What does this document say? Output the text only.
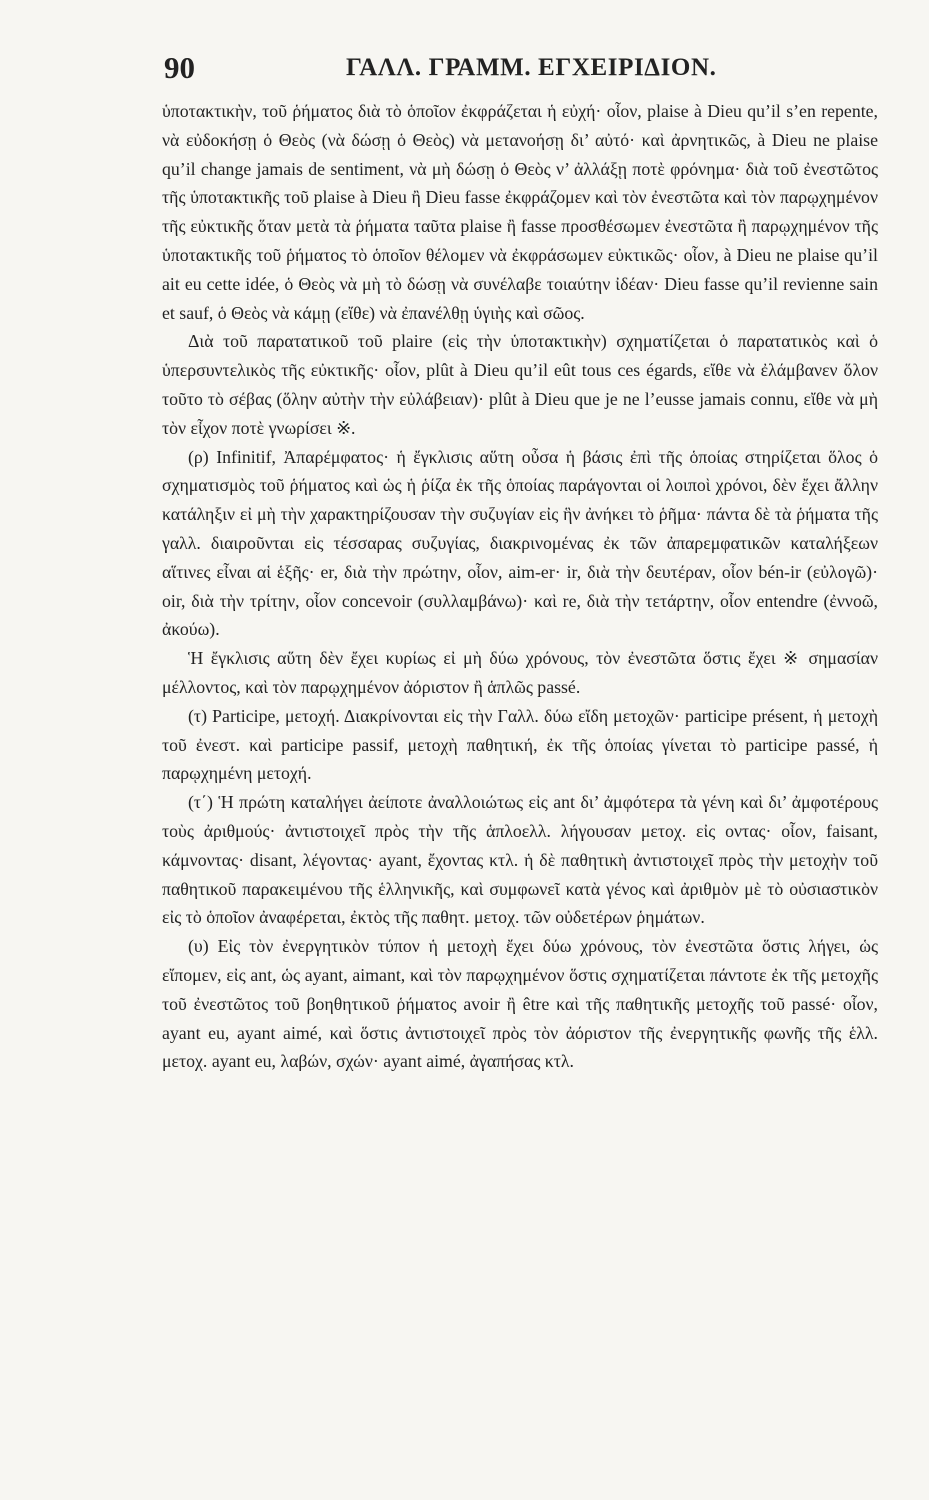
90	ΓΑΛΛ. ΓΡΑΜΜ. ΕΓΧΕΙΡΙΔΙΟΝ.

ὑποτακτικὴν, τοῦ ῥήματος διὰ τὸ ὁποῖον ἐκφράζεται ἡ εὐχή· οἷον, plaise à Dieu qu’il s’en repente, νὰ εὐδοκήσῃ ὁ Θεὸς (νὰ δώσῃ ὁ Θεὸς) νὰ μετανοήσῃ δι’ αὐτό· καὶ ἀρνητικῶς, à Dieu ne plaise qu’il change jamais de sentiment, νὰ μὴ δώσῃ ὁ Θεὸς ν’ ἀλλάξῃ ποτὲ φρόνημα· διὰ τοῦ ἐνεστῶτος τῆς ὑποτακτικῆς τοῦ plaise à Dieu ἢ Dieu fasse ἐκφράζομεν καὶ τὸν ἐνεστῶτα καὶ τὸν παρῳχημένον τῆς εὐκτικῆς ὅταν μετὰ τὰ ῥήματα ταῦτα plaise ἢ fasse προσθέσωμεν ἐνεστῶτα ἢ παρῳχημένον τῆς ὑποτακτικῆς τοῦ ῥήματος τὸ ὁποῖον θέλομεν νὰ ἐκφράσωμεν εὐκτικῶς· οἷον, à Dieu ne plaise qu’il ait eu cette idée, ὁ Θεὸς νὰ μὴ τὸ δώσῃ νὰ συνέλαβε τοιαύτην ἰδέαν· Dieu fasse qu’il revienne sain et sauf, ὁ Θεὸς νὰ κάμῃ (εἴθε) νὰ ἐπανέλθῃ ὑγιὴς καὶ σῶος.

Διὰ τοῦ παρατατικοῦ τοῦ plaire (εἰς τὴν ὑποτακτικὴν) σχηματίζεται ὁ παρατατικὸς καὶ ὁ ὑπερσυντελικὸς τῆς εὐκτικῆς· οἷον, plût à Dieu qu’il eût tous ces égards, εἴθε νὰ ἐλάμβανεν ὅλον τοῦτο τὸ σέβας (ὅλην αὐτὴν τὴν εὐλάβειαν)· plût à Dieu que je ne l’eusse jamais connu, εἴθε νὰ μὴ τὸν εἶχον ποτὲ γνωρίσει ※.

(ρ) Infinitif, Ἀπαρέμφατος· ἡ ἔγκλισις αὕτη οὖσα ἡ βάσις ἐπὶ τῆς ὁποίας στηρίζεται ὅλος ὁ σχηματισμὸς τοῦ ῥήματος καὶ ὡς ἡ ῥίζα ἐκ τῆς ὁποίας παράγονται οἱ λοιποὶ χρόνοι, δὲν ἔχει ἄλλην κατάληξιν εἰ μὴ τὴν χαρακτηρίζουσαν τὴν συζυγίαν εἰς ἣν ἀνήκει τὸ ῥῆμα· πάντα δὲ τὰ ῥήματα τῆς γαλλ. διαιροῦνται εἰς τέσσαρας συζυγίας, διακρινομένας ἐκ τῶν ἀπαρεμφατικῶν καταλήξεων αἵτινες εἶναι αἱ ἑξῆς· er, διὰ τὴν πρώτην, οἷον, aim-er· ir, διὰ τὴν δευτέραν, οἷον bén-ir (εὐλογῶ)· oir, διὰ τὴν τρίτην, οἷον concevoir (συλλαμβάνω)· καὶ re, διὰ τὴν τετάρτην, οἷον entendre (ἐννοῶ, ἀκούω).

Ἡ ἔγκλισις αὕτη δὲν ἔχει κυρίως εἰ μὴ δύω χρόνους, τὸν ἐνεστῶτα ὅστις ἔχει ※ σημασίαν μέλλοντος, καὶ τὸν παρῳχημένον ἀόριστον ἢ ἁπλῶς passé.

(τ) Participe, μετοχή. Διακρίνονται εἰς τὴν Γαλλ. δύω εἴδη μετοχῶν· participe présent, ἡ μετοχὴ τοῦ ἐνεστ. καὶ participe passif, μετοχὴ παθητική, ἐκ τῆς ὁποίας γίνεται τὸ participe passé, ἡ παρῳχημένη μετοχή.

(τ΄) Ἡ πρώτη καταλήγει ἀείποτε ἀναλλοιώτως εἰς ant δι’ ἀμφότερα τὰ γένη καὶ δι’ ἀμφοτέρους τοὺς ἀριθμούς· ἀντιστοιχεῖ πρὸς τὴν τῆς ἁπλοελλ. λήγουσαν μετοχ. εἰς οντας· οἷον, faisant, κάμνοντας· disant, λέγοντας· ayant, ἔχοντας κτλ. ἡ δὲ παθητικὴ ἀντιστοιχεῖ πρὸς τὴν μετοχὴν τοῦ παθητικοῦ παρακειμένου τῆς ἑλληνικῆς, καὶ συμφωνεῖ κατὰ γένος καὶ ἀριθμὸν μὲ τὸ οὐσιαστικὸν εἰς τὸ ὁποῖον ἀναφέρεται, ἐκτὸς τῆς παθητ. μετοχ. τῶν οὐδετέρων ῥημάτων.

(υ) Εἰς τὸν ἐνεργητικὸν τύπον ἡ μετοχὴ ἔχει δύω χρόνους, τὸν ἐνεστῶτα ὅστις λήγει, ὡς εἴπομεν, εἰς ant, ὡς ayant, aimant, καὶ τὸν παρῳχημένον ὅστις σχηματίζεται πάντοτε ἐκ τῆς μετοχῆς τοῦ ἐνεστῶτος τοῦ βοηθητικοῦ ῥήματος avoir ἢ être καὶ τῆς παθητικῆς μετοχῆς τοῦ passé· οἷον, ayant eu, ayant aimé, καὶ ὅστις ἀντιστοιχεῖ πρὸς τὸν ἀόριστον τῆς ἐνεργητικῆς φωνῆς τῆς ἑλλ. μετοχ. ayant eu, λαβών, σχών· ayant aimé, ἀγαπήσας κτλ.
